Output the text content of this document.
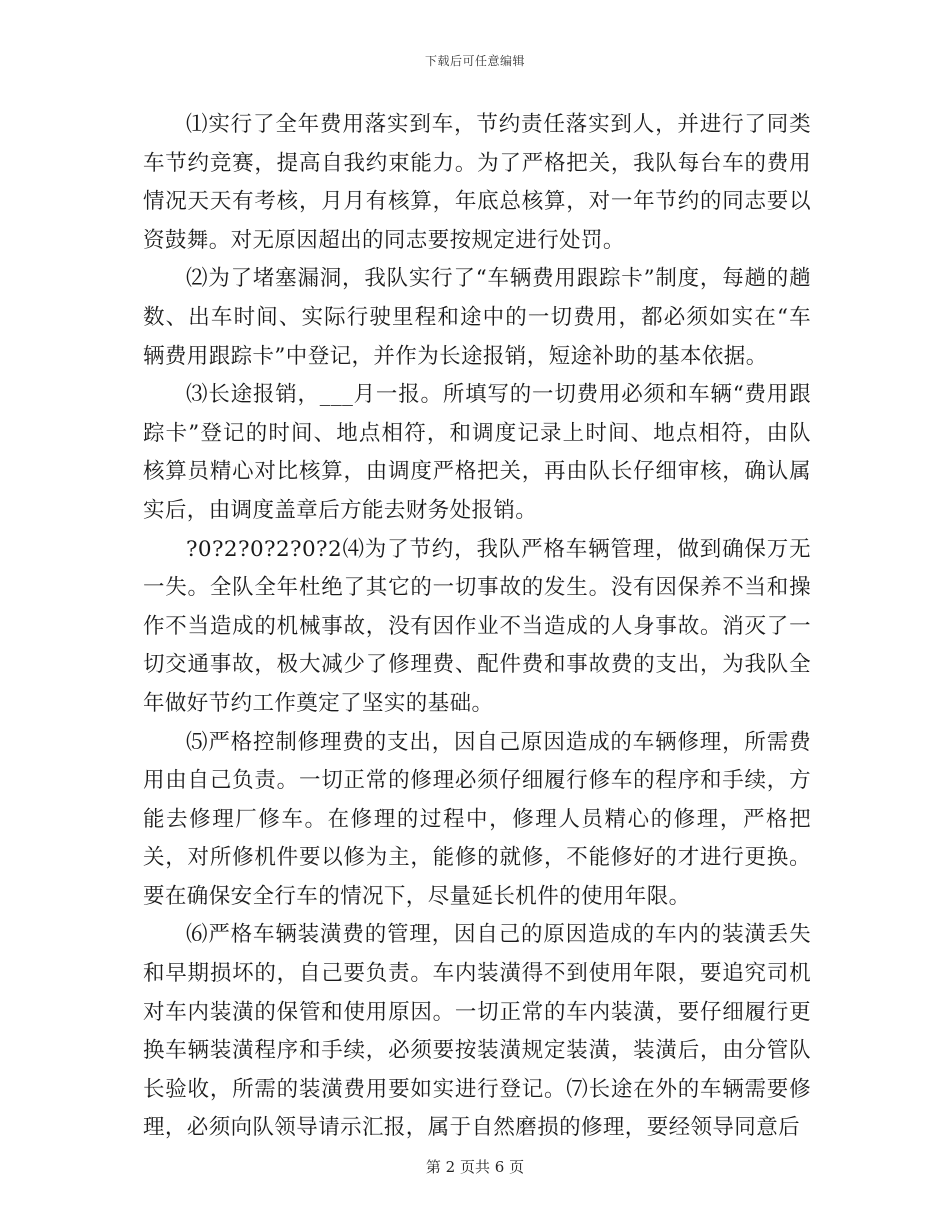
下载后可任意编辑

⑴实行了全年费用落实到车，节约责任落实到人，并进行了同类车节约竞赛，提高自我约束能力。为了严格把关，我队每台车的费用情况天天有考核，月月有核算，年底总核算，对一年节约的同志要以资鼓舞。对无原因超出的同志要按规定进行处罚。

⑵为了堵塞漏洞，我队实行了“车辆费用跟踪卡”制度，每趟的趟数、出车时间、实际行驶里程和途中的一切费用，都必须如实在“车辆费用跟踪卡”中登记，并作为长途报销，短途补助的基本依据。

⑶长途报销，___月一报。所填写的一切费用必须和车辆“费用跟踪卡”登记的时间、地点相符，和调度记录上时间、地点相符，由队核算员精心对比核算，由调度严格把关，再由队长仔细审核，确认属实后，由调度盖章后方能去财务处报销。

?0?2?0?2?0?2⑷为了节约，我队严格车辆管理，做到确保万无一失。全队全年杜绝了其它的一切事故的发生。没有因保养不当和操作不当造成的机械事故，没有因作业不当造成的人身事故。消灭了一切交通事故，极大减少了修理费、配件费和事故费的支出，为我队全年做好节约工作奠定了坚实的基础。

⑸严格控制修理费的支出，因自己原因造成的车辆修理，所需费用由自己负责。一切正常的修理必须仔细履行修车的程序和手续，方能去修理厂修车。在修理的过程中，修理人员精心的修理，严格把关，对所修机件要以修为主，能修的就修，不能修好的才进行更换。要在确保安全行车的情况下，尽量延长机件的使用年限。

⑹严格车辆装潢费的管理，因自己的原因造成的车内的装潢丢失和早期损坏的，自己要负责。车内装潢得不到使用年限，要追究司机对车内装潢的保管和使用原因。一切正常的车内装潢，要仔细履行更换车辆装潢程序和手续，必须要按装潢规定装潢，装潢后，由分管队长验收，所需的装潢费用要如实进行登记。⑺长途在外的车辆需要修理，必须向队领导请示汇报，属于自然磨损的修理，要经领导同意后

第 2 页共 6 页
